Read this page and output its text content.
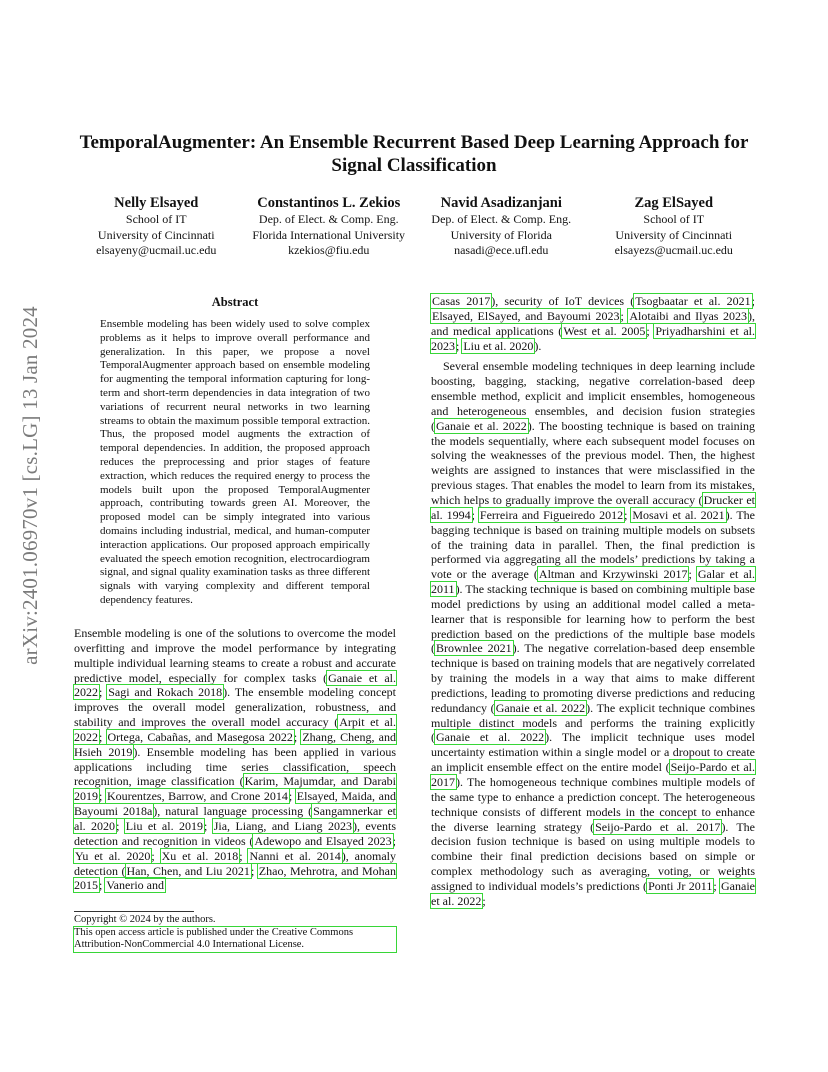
arXiv:2401.06970v1 [cs.LG] 13 Jan 2024
TemporalAugmenter: An Ensemble Recurrent Based Deep Learning Approach for Signal Classification
Nelly Elsayed
School of IT
University of Cincinnati
elsayeny@ucmail.uc.edu
Constantinos L. Zekios
Dep. of Elect. & Comp. Eng.
Florida International University
kzekios@fiu.edu
Navid Asadizanjani
Dep. of Elect. & Comp. Eng.
University of Florida
nasadi@ece.ufl.edu
Zag ElSayed
School of IT
University of Cincinnati
elsayezs@ucmail.uc.edu
Abstract

Ensemble modeling has been widely used to solve complex problems as it helps to improve overall performance and generalization. In this paper, we propose a novel TemporalAugmenter approach based on ensemble modeling for augmenting the temporal information capturing for long-term and short-term dependencies in data integration of two variations of recurrent neural networks in two learning streams to obtain the maximum possible temporal extraction. Thus, the proposed model augments the extraction of temporal dependencies. In addition, the proposed approach reduces the preprocessing and prior stages of feature extraction, which reduces the required energy to process the models built upon the proposed TemporalAugmenter approach, contributing towards green AI. Moreover, the proposed model can be simply integrated into various domains including industrial, medical, and human-computer interaction applications. Our proposed approach empirically evaluated the speech emotion recognition, electrocardiogram signal, and signal quality examination tasks as three different signals with varying complexity and different temporal dependency features.

Ensemble modeling is one of the solutions to overcome the model overfitting and improve the model performance by integrating multiple individual learning steams to create a robust and accurate predictive model, especially for complex tasks (Ganaie et al. 2022; Sagi and Rokach 2018). The ensemble modeling concept improves the overall model generalization, robustness, and stability and improves the overall model accuracy (Arpit et al. 2022; Ortega, Cabañas, and Masegosa 2022; Zhang, Cheng, and Hsieh 2019). Ensemble modeling has been applied in various applications including time series classification, speech recognition, image classification (Karim, Majumdar, and Darabi 2019; Kourentzes, Barrow, and Crone 2014; Elsayed, Maida, and Bayoumi 2018a), natural language processing (Sangamnerkar et al. 2020; Liu et al. 2019; Jia, Liang, and Liang 2023), events detection and recognition in videos (Adewopo and Elsayed 2023; Yu et al. 2020; Xu et al. 2018; Nanni et al. 2014), anomaly detection (Han, Chen, and Liu 2021; Zhao, Mehrotra, and Mohan 2015; Vanerio and

Copyright © 2024 by the authors.
This open access article is published under the Creative Commons Attribution-NonCommercial 4.0 International License.

Casas 2017), security of IoT devices (Tsogbaatar et al. 2021; Elsayed, ElSayed, and Bayoumi 2023; Alotaibi and Ilyas 2023), and medical applications (West et al. 2005; Priyadharshini et al. 2023; Liu et al. 2020).

Several ensemble modeling techniques in deep learning include boosting, bagging, stacking, negative correlation-based deep ensemble method, explicit and implicit ensembles, homogeneous and heterogeneous ensembles, and decision fusion strategies (Ganaie et al. 2022). The boosting technique is based on training the models sequentially, where each subsequent model focuses on solving the weaknesses of the previous model. Then, the highest weights are assigned to instances that were misclassified in the previous stages. That enables the model to learn from its mistakes, which helps to gradually improve the overall accuracy (Drucker et al. 1994; Ferreira and Figueiredo 2012; Mosavi et al. 2021). The bagging technique is based on training multiple models on subsets of the training data in parallel. Then, the final prediction is performed via aggregating all the models’ predictions by taking a vote or the average (Altman and Krzywinski 2017; Galar et al. 2011). The stacking technique is based on combining multiple base model predictions by using an additional model called a meta-learner that is responsible for learning how to perform the best prediction based on the predictions of the multiple base models (Brownlee 2021). The negative correlation-based deep ensemble technique is based on training models that are negatively correlated by training the models in a way that aims to make different predictions, leading to promoting diverse predictions and reducing redundancy (Ganaie et al. 2022). The explicit technique combines multiple distinct models and performs the training explicitly (Ganaie et al. 2022). The implicit technique uses model uncertainty estimation within a single model or a dropout to create an implicit ensemble effect on the entire model (Seijo-Pardo et al. 2017). The homogeneous technique combines multiple models of the same type to enhance a prediction concept. The heterogeneous technique consists of different models in the concept to enhance the diverse learning strategy (Seijo-Pardo et al. 2017). The decision fusion technique is based on using multiple models to combine their final prediction decisions based on simple or complex methodology such as averaging, voting, or weights assigned to individual models’s predictions (Ponti Jr 2011; Ganaie et al. 2022;
